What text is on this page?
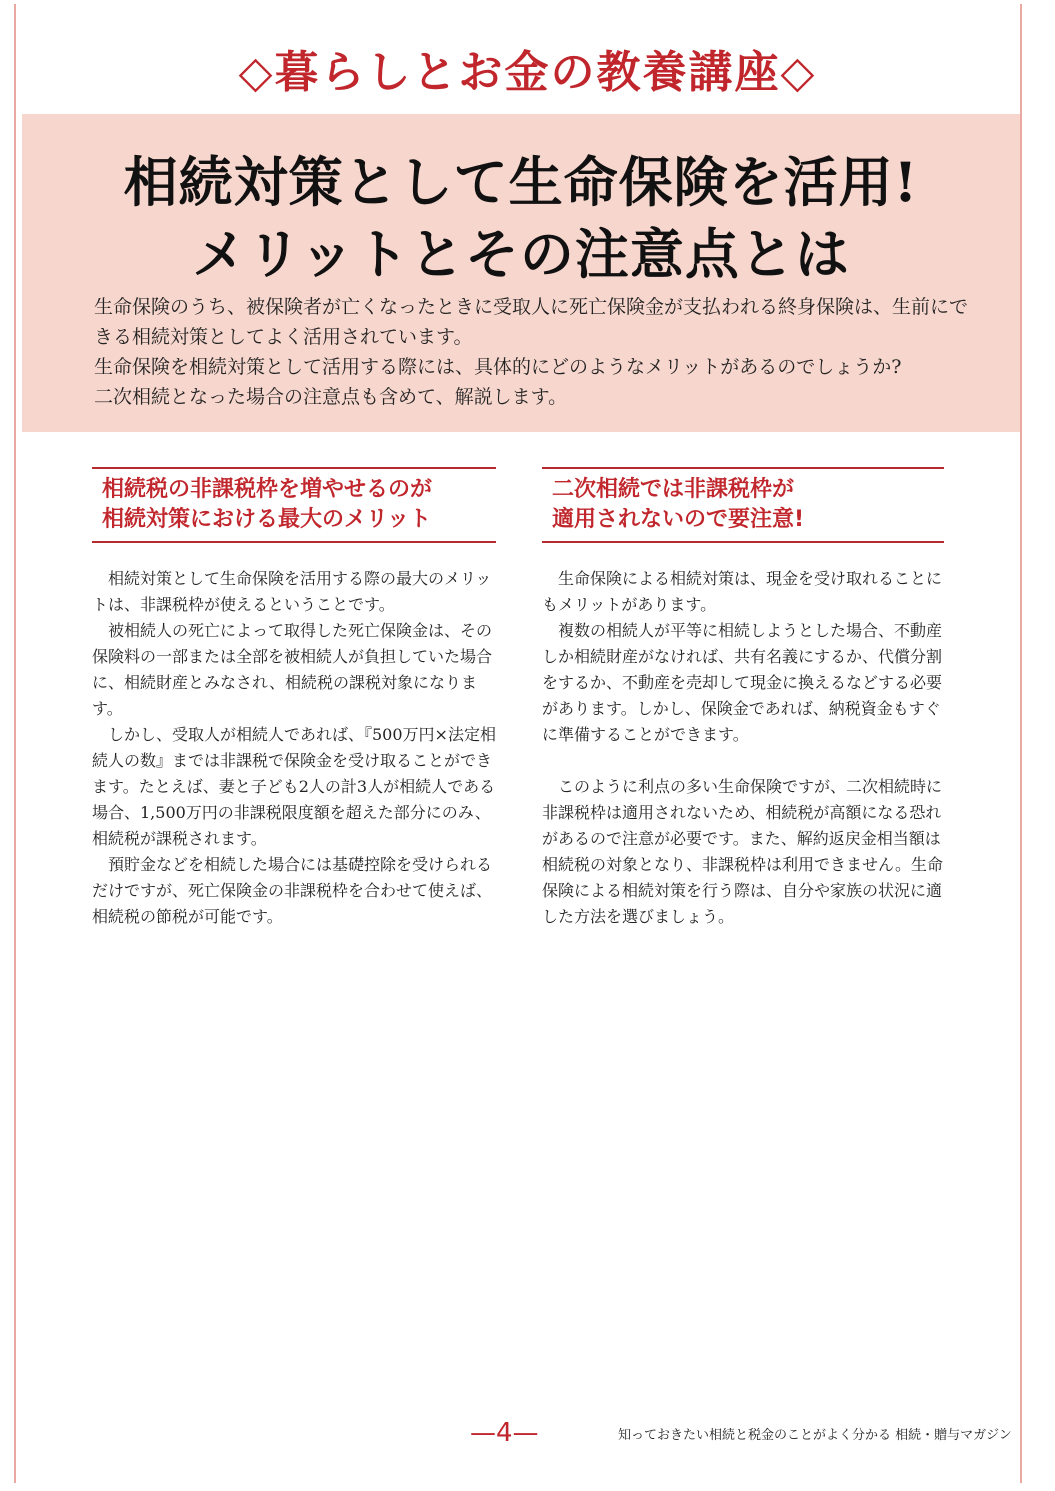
◇暮らしとお金の教養講座◇
相続対策として生命保険を活用!
メリットとその注意点とは

生命保険のうち、被保険者が亡くなったときに受取人に死亡保険金が支払われる終身保険は、生前にできる相続対策としてよく活用されています。

生命保険を相続対策として活用する際には、具体的にどのようなメリットがあるのでしょうか?

二次相続となった場合の注意点も含めて、解説します。

相続税の非課税枠を増やせるのが
相続対策における最大のメリット
二次相続では非課税枠が
適用されないので要注意!

相続対策として生命保険を活用する際の最大のメリットは、非課税枠が使えるということです。

被相続人の死亡によって取得した死亡保険金は、その保険料の一部または全部を被相続人が負担していた場合に、相続財産とみなされ、相続税の課税対象になります。

しかし、受取人が相続人であれば、『500万円×法定相続人の数』までは非課税で保険金を受け取ることができます。たとえば、妻と子ども2人の計3人が相続人である場合、1,500万円の非課税限度額を超えた部分にのみ、相続税が課税されます。

預貯金などを相続した場合には基礎控除を受けられるだけですが、死亡保険金の非課税枠を合わせて使えば、相続税の節税が可能です。

生命保険による相続対策は、現金を受け取れることにもメリットがあります。

複数の相続人が平等に相続しようとした場合、不動産しか相続財産がなければ、共有名義にするか、代償分割をするか、不動産を売却して現金に換えるなどする必要があります。しかし、保険金であれば、納税資金もすぐに準備することができます。

このように利点の多い生命保険ですが、二次相続時に非課税枠は適用されないため、相続税が高額になる恐れがあるので注意が必要です。また、解約返戻金相当額は相続税の対象となり、非課税枠は利用できません。生命保険による相続対策を行う際は、自分や家族の状況に適した方法を選びましょう。

—4—	知っておきたい相続と税金のことがよく分かる 相続・贈与マガジン
